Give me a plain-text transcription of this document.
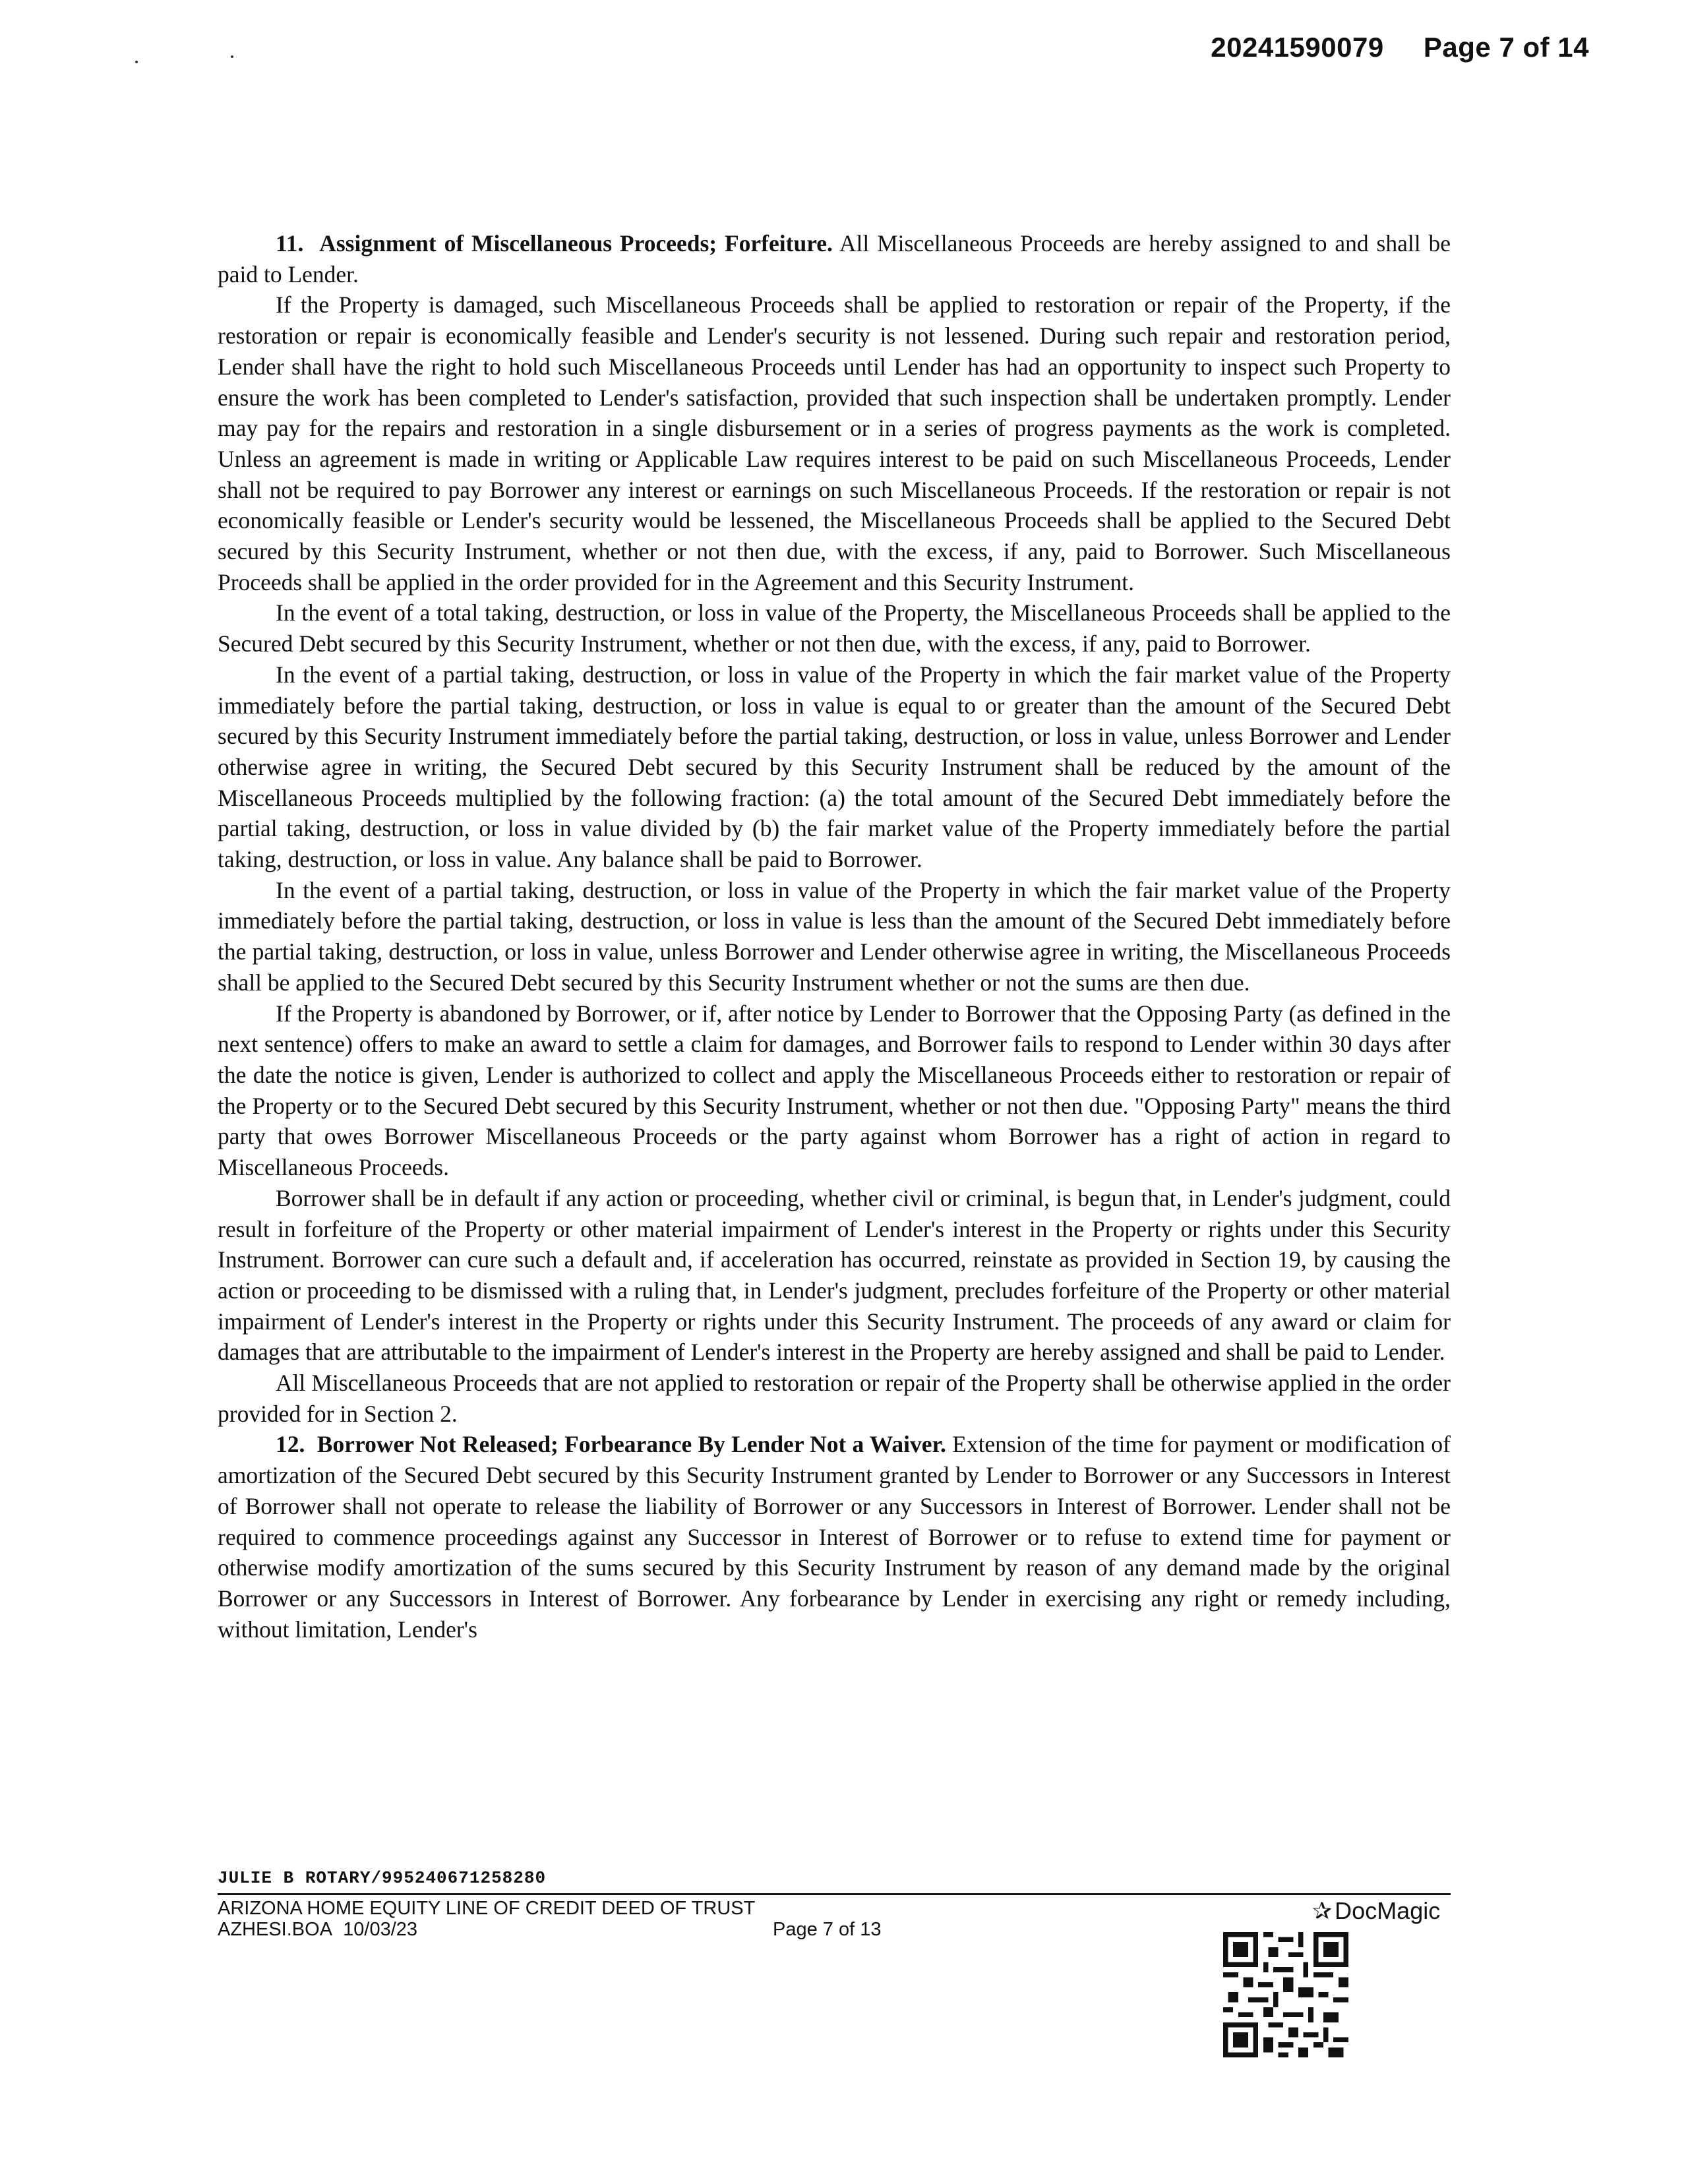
20241590079 Page 7 of 14

11.  Assignment of Miscellaneous Proceeds; Forfeiture. All Miscellaneous Proceeds are hereby assigned to and shall be paid to Lender.

If the Property is damaged, such Miscellaneous Proceeds shall be applied to restoration or repair of the Property, if the restoration or repair is economically feasible and Lender's security is not lessened. During such repair and restoration period, Lender shall have the right to hold such Miscellaneous Proceeds until Lender has had an opportunity to inspect such Property to ensure the work has been completed to Lender's satisfaction, provided that such inspection shall be undertaken promptly. Lender may pay for the repairs and restoration in a single disbursement or in a series of progress payments as the work is completed. Unless an agreement is made in writing or Applicable Law requires interest to be paid on such Miscellaneous Proceeds, Lender shall not be required to pay Borrower any interest or earnings on such Miscellaneous Proceeds. If the restoration or repair is not economically feasible or Lender's security would be lessened, the Miscellaneous Proceeds shall be applied to the Secured Debt secured by this Security Instrument, whether or not then due, with the excess, if any, paid to Borrower. Such Miscellaneous Proceeds shall be applied in the order provided for in the Agreement and this Security Instrument.

In the event of a total taking, destruction, or loss in value of the Property, the Miscellaneous Proceeds shall be applied to the Secured Debt secured by this Security Instrument, whether or not then due, with the excess, if any, paid to Borrower.

In the event of a partial taking, destruction, or loss in value of the Property in which the fair market value of the Property immediately before the partial taking, destruction, or loss in value is equal to or greater than the amount of the Secured Debt secured by this Security Instrument immediately before the partial taking, destruction, or loss in value, unless Borrower and Lender otherwise agree in writing, the Secured Debt secured by this Security Instrument shall be reduced by the amount of the Miscellaneous Proceeds multiplied by the following fraction: (a) the total amount of the Secured Debt immediately before the partial taking, destruction, or loss in value divided by (b) the fair market value of the Property immediately before the partial taking, destruction, or loss in value. Any balance shall be paid to Borrower.

In the event of a partial taking, destruction, or loss in value of the Property in which the fair market value of the Property immediately before the partial taking, destruction, or loss in value is less than the amount of the Secured Debt immediately before the partial taking, destruction, or loss in value, unless Borrower and Lender otherwise agree in writing, the Miscellaneous Proceeds shall be applied to the Secured Debt secured by this Security Instrument whether or not the sums are then due.

If the Property is abandoned by Borrower, or if, after notice by Lender to Borrower that the Opposing Party (as defined in the next sentence) offers to make an award to settle a claim for damages, and Borrower fails to respond to Lender within 30 days after the date the notice is given, Lender is authorized to collect and apply the Miscellaneous Proceeds either to restoration or repair of the Property or to the Secured Debt secured by this Security Instrument, whether or not then due. "Opposing Party" means the third party that owes Borrower Miscellaneous Proceeds or the party against whom Borrower has a right of action in regard to Miscellaneous Proceeds.

Borrower shall be in default if any action or proceeding, whether civil or criminal, is begun that, in Lender's judgment, could result in forfeiture of the Property or other material impairment of Lender's interest in the Property or rights under this Security Instrument. Borrower can cure such a default and, if acceleration has occurred, reinstate as provided in Section 19, by causing the action or proceeding to be dismissed with a ruling that, in Lender's judgment, precludes forfeiture of the Property or other material impairment of Lender's interest in the Property or rights under this Security Instrument. The proceeds of any award or claim for damages that are attributable to the impairment of Lender's interest in the Property are hereby assigned and shall be paid to Lender.

All Miscellaneous Proceeds that are not applied to restoration or repair of the Property shall be otherwise applied in the order provided for in Section 2.

12.  Borrower Not Released; Forbearance By Lender Not a Waiver. Extension of the time for payment or modification of amortization of the Secured Debt secured by this Security Instrument granted by Lender to Borrower or any Successors in Interest of Borrower shall not operate to release the liability of Borrower or any Successors in Interest of Borrower. Lender shall not be required to commence proceedings against any Successor in Interest of Borrower or to refuse to extend time for payment or otherwise modify amortization of the sums secured by this Security Instrument by reason of any demand made by the original Borrower or any Successors in Interest of Borrower. Any forbearance by Lender in exercising any right or remedy including, without limitation, Lender's

JULIE B ROTARY/995240671258280
ARIZONA HOME EQUITY LINE OF CREDIT DEED OF TRUST
AZHESI.BOA  10/03/23	Page 7 of 13
✰ DocMagic
